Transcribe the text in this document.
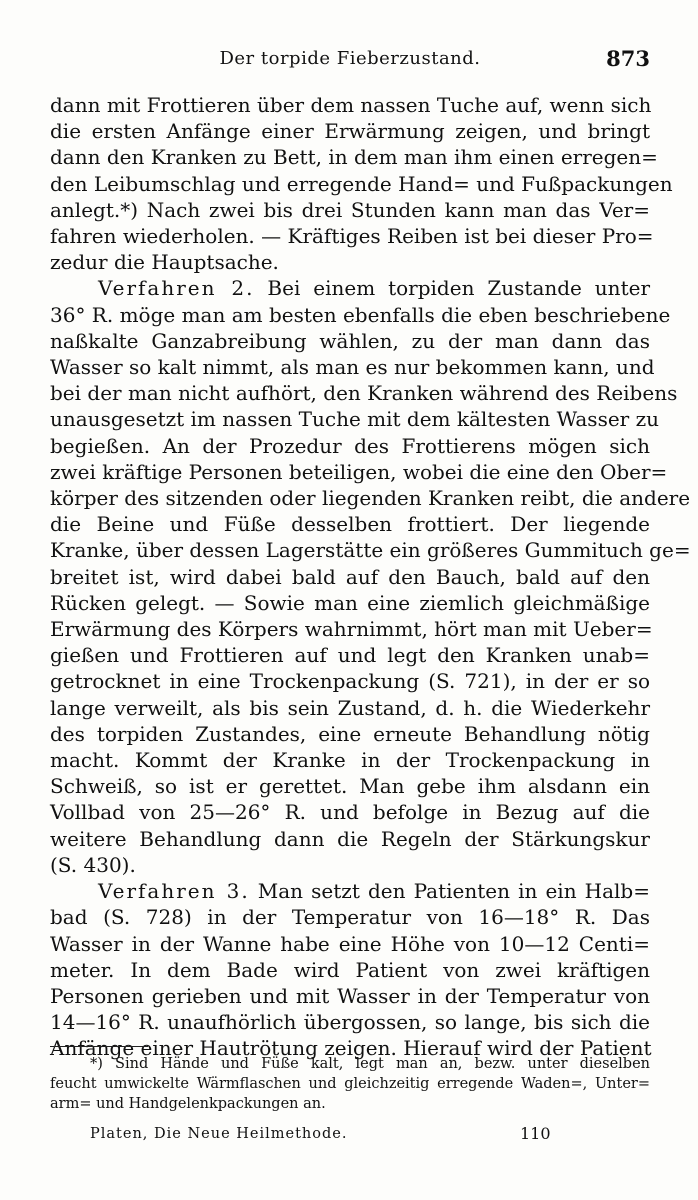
Der torpide Fieberzustand.	873
dann mit Frottieren über dem nassen Tuche auf, wenn sich
die ersten Anfänge einer Erwärmung zeigen, und bringt
dann den Kranken zu Bett, in dem man ihm einen erregen=
den Leibumschlag und erregende Hand= und Fußpackungen
anlegt.*) Nach zwei bis drei Stunden kann man das Ver=
fahren wiederholen. — Kräftiges Reiben ist bei dieser Pro=
zedur die Hauptsache.
Verfahren 2. Bei einem torpiden Zustande unter
36° R. möge man am besten ebenfalls die eben beschriebene
naßkalte Ganzabreibung wählen, zu der man dann das
Wasser so kalt nimmt, als man es nur bekommen kann, und
bei der man nicht aufhört, den Kranken während des Reibens
unausgesetzt im nassen Tuche mit dem kältesten Wasser zu
begießen. An der Prozedur des Frottierens mögen sich
zwei kräftige Personen beteiligen, wobei die eine den Ober=
körper des sitzenden oder liegenden Kranken reibt, die andere
die Beine und Füße desselben frottiert. Der liegende
Kranke, über dessen Lagerstätte ein größeres Gummituch ge=
breitet ist, wird dabei bald auf den Bauch, bald auf den
Rücken gelegt. — Sowie man eine ziemlich gleichmäßige
Erwärmung des Körpers wahrnimmt, hört man mit Ueber=
gießen und Frottieren auf und legt den Kranken unab=
getrocknet in eine Trockenpackung (S. 721), in der er so
lange verweilt, als bis sein Zustand, d. h. die Wiederkehr
des torpiden Zustandes, eine erneute Behandlung nötig
macht. Kommt der Kranke in der Trockenpackung in
Schweiß, so ist er gerettet. Man gebe ihm alsdann ein
Vollbad von 25—26° R. und befolge in Bezug auf die
weitere Behandlung dann die Regeln der Stärkungskur
(S. 430).
Verfahren 3. Man setzt den Patienten in ein Halb=
bad (S. 728) in der Temperatur von 16—18° R. Das
Wasser in der Wanne habe eine Höhe von 10—12 Centi=
meter. In dem Bade wird Patient von zwei kräftigen
Personen gerieben und mit Wasser in der Temperatur von
14—16° R. unaufhörlich übergossen, so lange, bis sich die
Anfänge einer Hautrötung zeigen. Hierauf wird der Patient
*) Sind Hände und Füße kalt, legt man an, bezw. unter dieselben
feucht umwickelte Wärmflaschen und gleichzeitig erregende Waden=, Unter=
arm= und Handgelenkpackungen an.
Platen, Die Neue Heilmethode.	110
